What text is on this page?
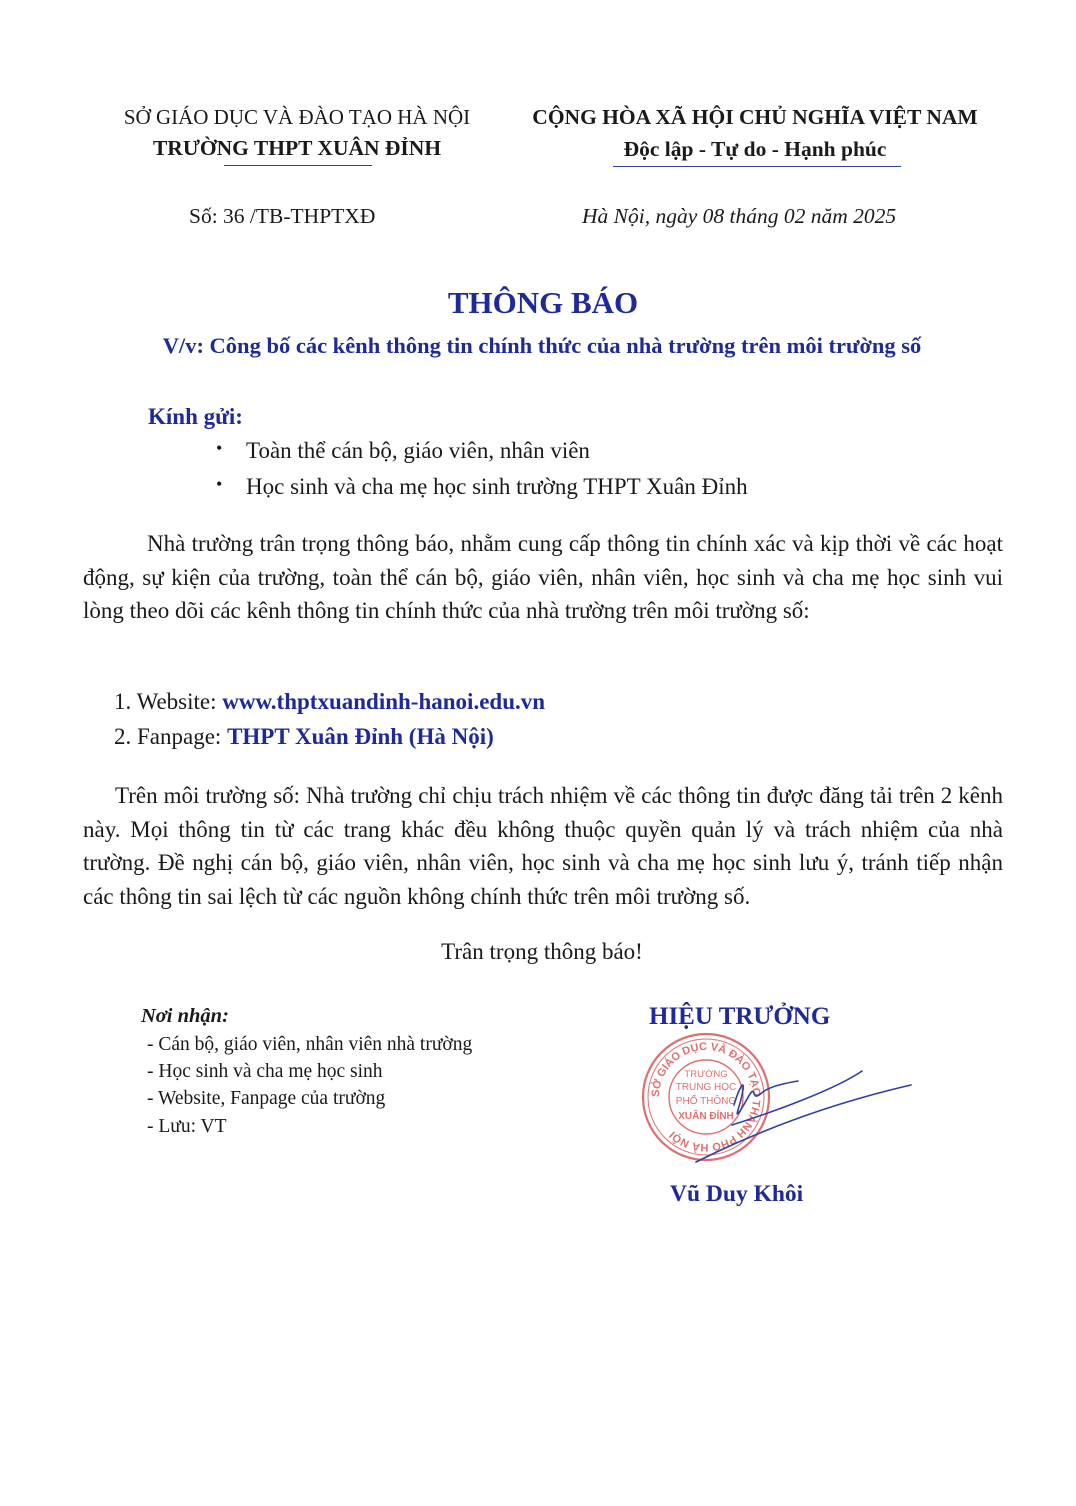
SỞ GIÁO DỤC VÀ ĐÀO TẠO HÀ NỘI
TRƯỜNG THPT XUÂN ĐỈNH
CỘNG HÒA XÃ HỘI CHỦ NGHĨA VIỆT NAM
Độc lập - Tự do - Hạnh phúc
Số: 36 /TB-THPTXĐ	Hà Nội, ngày 08 tháng 02 năm 2025
THÔNG BÁO
V/v: Công bố các kênh thông tin chính thức của nhà trường trên môi trường số
Kính gửi:
• Toàn thể cán bộ, giáo viên, nhân viên
• Học sinh và cha mẹ học sinh trường THPT Xuân Đỉnh
Nhà trường trân trọng thông báo, nhằm cung cấp thông tin chính xác và kịp thời về các hoạt động, sự kiện của trường, toàn thể cán bộ, giáo viên, nhân viên, học sinh và cha mẹ học sinh vui lòng theo dõi các kênh thông tin chính thức của nhà trường trên môi trường số:
1. Website: www.thptxuandinh-hanoi.edu.vn
2. Fanpage: THPT Xuân Đỉnh (Hà Nội)
Trên môi trường số: Nhà trường chỉ chịu trách nhiệm về các thông tin được đăng tải trên 2 kênh này. Mọi thông tin từ các trang khác đều không thuộc quyền quản lý và trách nhiệm của nhà trường. Đề nghị cán bộ, giáo viên, nhân viên, học sinh và cha mẹ học sinh lưu ý, tránh tiếp nhận các thông tin sai lệch từ các nguồn không chính thức trên môi trường số.
Trân trọng thông báo!
Nơi nhận:
- Cán bộ, giáo viên, nhân viên nhà trường
- Học sinh và cha mẹ học sinh
- Website, Fanpage của trường
- Lưu: VT
HIỆU TRƯỞNG
SỞ GIÁO DỤC VÀ ĐÀO TẠO THÀNH PHỐ HÀ NỘI
TRƯỜNG
TRUNG HỌC
PHỔ THÔNG
XUÂN ĐỈNH
Vũ Duy Khôi
